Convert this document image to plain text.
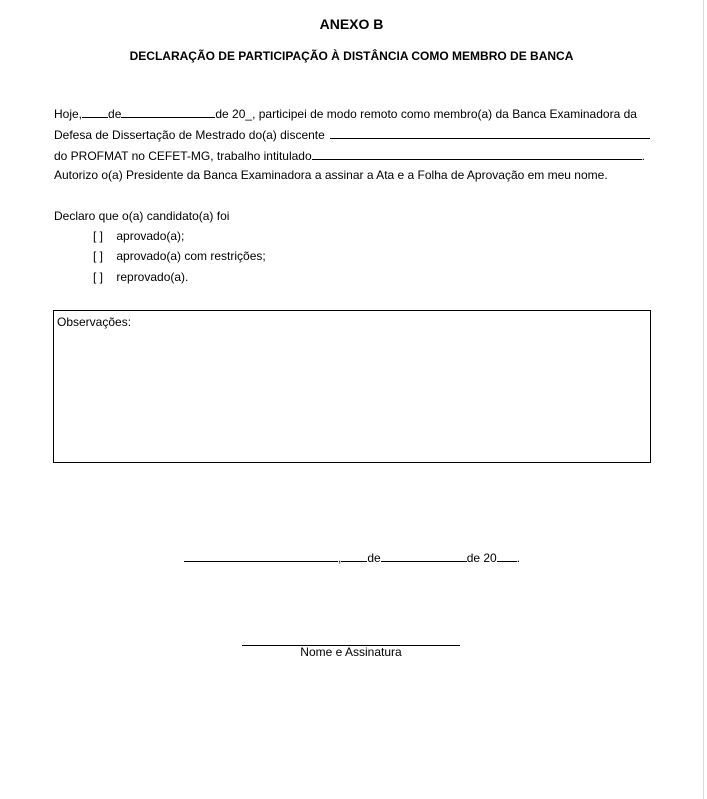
ANEXO B
DECLARAÇÃO DE PARTICIPAÇÃO À DISTÂNCIA COMO MEMBRO DE BANCA
Hoje, de	de 20_, participei de modo remoto como membro(a) da Banca Examinadora da
Defesa de Dissertação de Mestrado do(a) discente
do PROFMAT no CEFET-MG, trabalho intitulado	.
Autorizo o(a) Presidente da Banca Examinadora a assinar a Ata e a Folha de Aprovação em meu nome.
Declaro que o(a) candidato(a) foi
[ ] aprovado(a);
[ ] aprovado(a) com restrições;
[ ] reprovado(a).
Observações:
, de	de 20 .
Nome e Assinatura
